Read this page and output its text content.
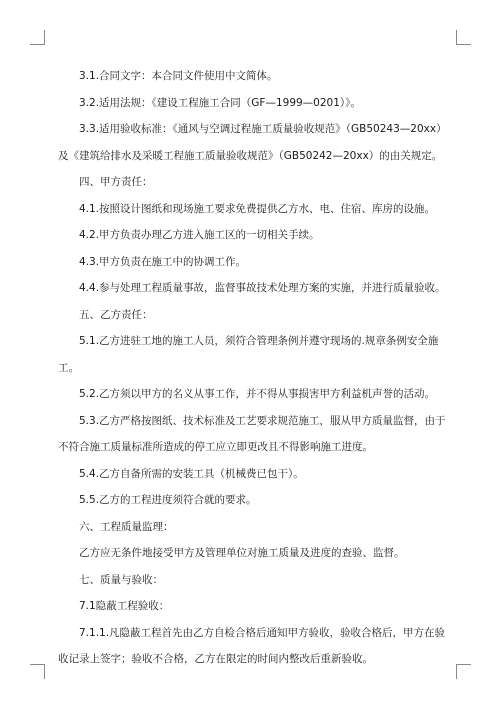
3.1.合同文字：本合同文件使用中文简体。

3.2.适用法规：《建设工程施工合同（GF—1999—0201）》。

3.3.适用验收标准：《通风与空调过程施工质量验收规范》（GB50243—20xx）及《建筑给排水及采暖工程施工质量验收规范》（GB50242—20xx）的由关规定。

四、甲方责任：

4.1.按照设计图纸和现场施工要求免费提供乙方水、电、住宿、库房的设施。

4.2.甲方负责办理乙方进入施工区的一切相关手续。

4.3.甲方负责在施工中的协调工作。

4.4.参与处理工程质量事故，监督事故技术处理方案的实施，并进行质量验收。

五、乙方责任：

5.1.乙方进驻工地的施工人员，须符合管理条例并遵守现场的.规章条例安全施工。

5.2.乙方须以甲方的名义从事工作，并不得从事损害甲方利益机声誉的活动。

5.3.乙方严格按图纸、技术标准及工艺要求规范施工，服从甲方质量监督，由于不符合施工质量标准所造成的停工应立即更改且不得影响施工进度。

5.4.乙方自备所需的安装工具（机械费已包干）。

5.5.乙方的工程进度须符合就的要求。

六、工程质量监理：

乙方应无条件地接受甲方及管理单位对施工质量及进度的查验、监督。

七、质量与验收：

7.1隐蔽工程验收：

7.1.1.凡隐蔽工程首先由乙方自检合格后通知甲方验收，验收合格后，甲方在验收记录上签字；验收不合格，乙方在限定的时间内整改后重新验收。
